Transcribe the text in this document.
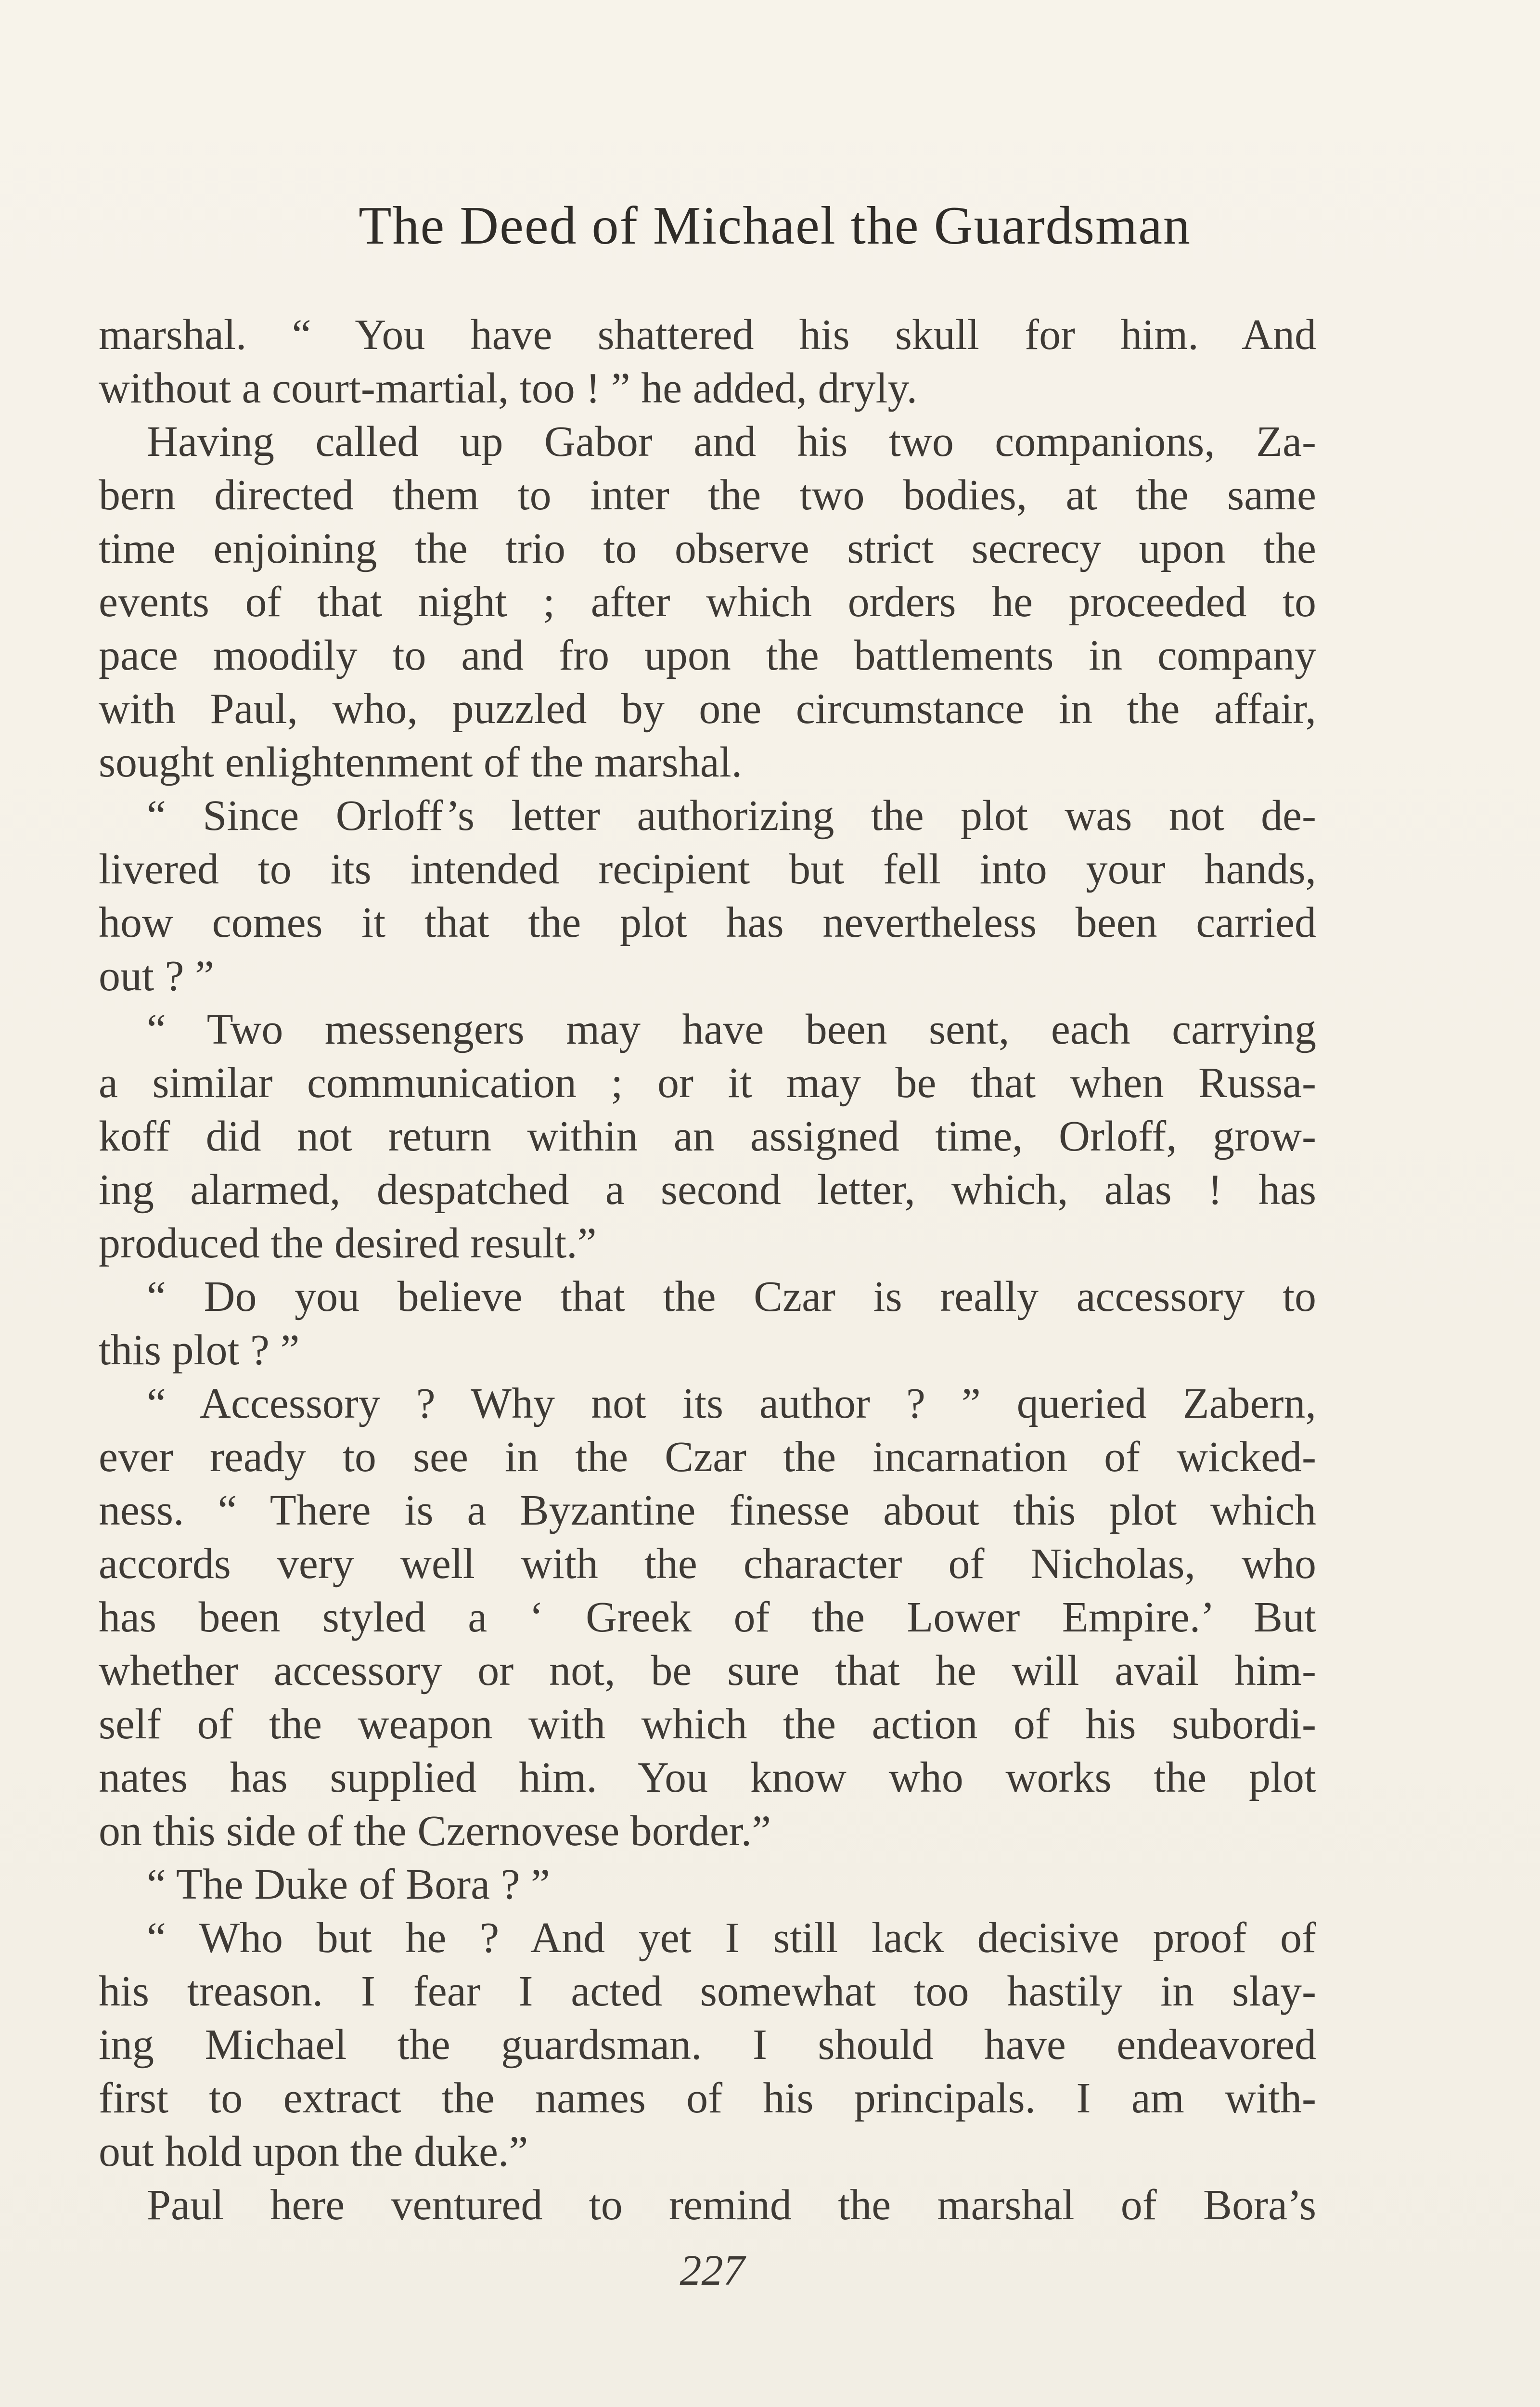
The Deed of Michael the Guardsman
marshal. “ You have shattered his skull for him. And
without a court-martial, too ! ” he added, dryly.
Having called up Gabor and his two companions, Za-
bern directed them to inter the two bodies, at the same
time enjoining the trio to observe strict secrecy upon the
events of that night ; after which orders he proceeded to
pace moodily to and fro upon the battlements in company
with Paul, who, puzzled by one circumstance in the affair,
sought enlightenment of the marshal.
“ Since Orloff’s letter authorizing the plot was not de-
livered to its intended recipient but fell into your hands,
how comes it that the plot has nevertheless been carried
out ? ”
“ Two messengers may have been sent, each carrying
a similar communication ; or it may be that when Russa-
koff did not return within an assigned time, Orloff, grow-
ing alarmed, despatched a second letter, which, alas ! has
produced the desired result.”
“ Do you believe that the Czar is really accessory to
this plot ? ”
“ Accessory ? Why not its author ? ” queried Zabern,
ever ready to see in the Czar the incarnation of wicked-
ness. “ There is a Byzantine finesse about this plot which
accords very well with the character of Nicholas, who
has been styled a ‘ Greek of the Lower Empire.’ But
whether accessory or not, be sure that he will avail him-
self of the weapon with which the action of his subordi-
nates has supplied him. You know who works the plot
on this side of the Czernovese border.”
“ The Duke of Bora ? ”
“ Who but he ? And yet I still lack decisive proof of
his treason. I fear I acted somewhat too hastily in slay-
ing Michael the guardsman. I should have endeavored
first to extract the names of his principals. I am with-
out hold upon the duke.”
Paul here ventured to remind the marshal of Bora’s
227
